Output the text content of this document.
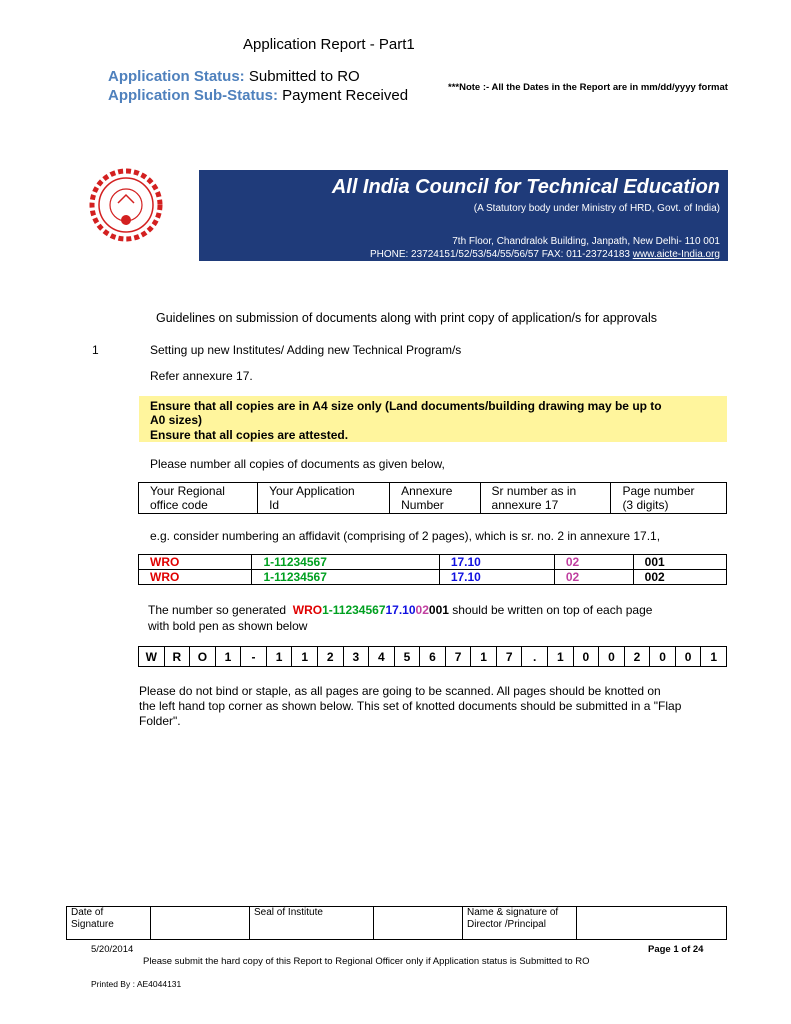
Application Report - Part1
Application Status: Submitted to RO
Application Sub-Status: Payment Received	***Note :- All the Dates in the Report are in mm/dd/yyyy format
All India Council for Technical Education
(A Statutory body under Ministry of HRD, Govt. of India)
7th Floor, Chandralok Building, Janpath, New Delhi- 110 001
PHONE: 23724151/52/53/54/55/56/57 FAX: 011-23724183 www.aicte-India.org
Guidelines on submission of documents along with print copy of application/s for approvals
1	Setting up new Institutes/ Adding new Technical Program/s
Refer annexure 17.
Ensure that all copies are in A4 size only (Land documents/building drawing may be up to
A0 sizes)
Ensure that all copies are attested.
Please number all copies of documents as given below,
Your Regional
office code	Your Application
Id	Annexure
Number	Sr number as in
annexure 17	Page number
(3 digits)
e.g. consider numbering an affidavit (comprising of 2 pages), which is sr. no. 2 in annexure 17.1,
WRO	1-11234567	17.10	02	001
WRO	1-11234567	17.10	02	002
The number so generated WRO1-1123456717.1002001 should be written on top of each page
with bold pen as shown below
W	R	O	1	-	1	1	2	3	4	5	6	7	1	7	.	1	0	0	2	0	0	1
Please do not bind or staple, as all pages are going to be scanned. All pages should be knotted on
the left hand top corner as shown below. This set of knotted documents should be submitted in a "Flap
Folder".
Date of
Signature		Seal of Institute		Name & signature of
Director /Principal	
5/20/2014	Page 1 of 24
Please submit the hard copy of this Report to Regional Officer only if Application status is Submitted to RO
Printed By : AE4044131
